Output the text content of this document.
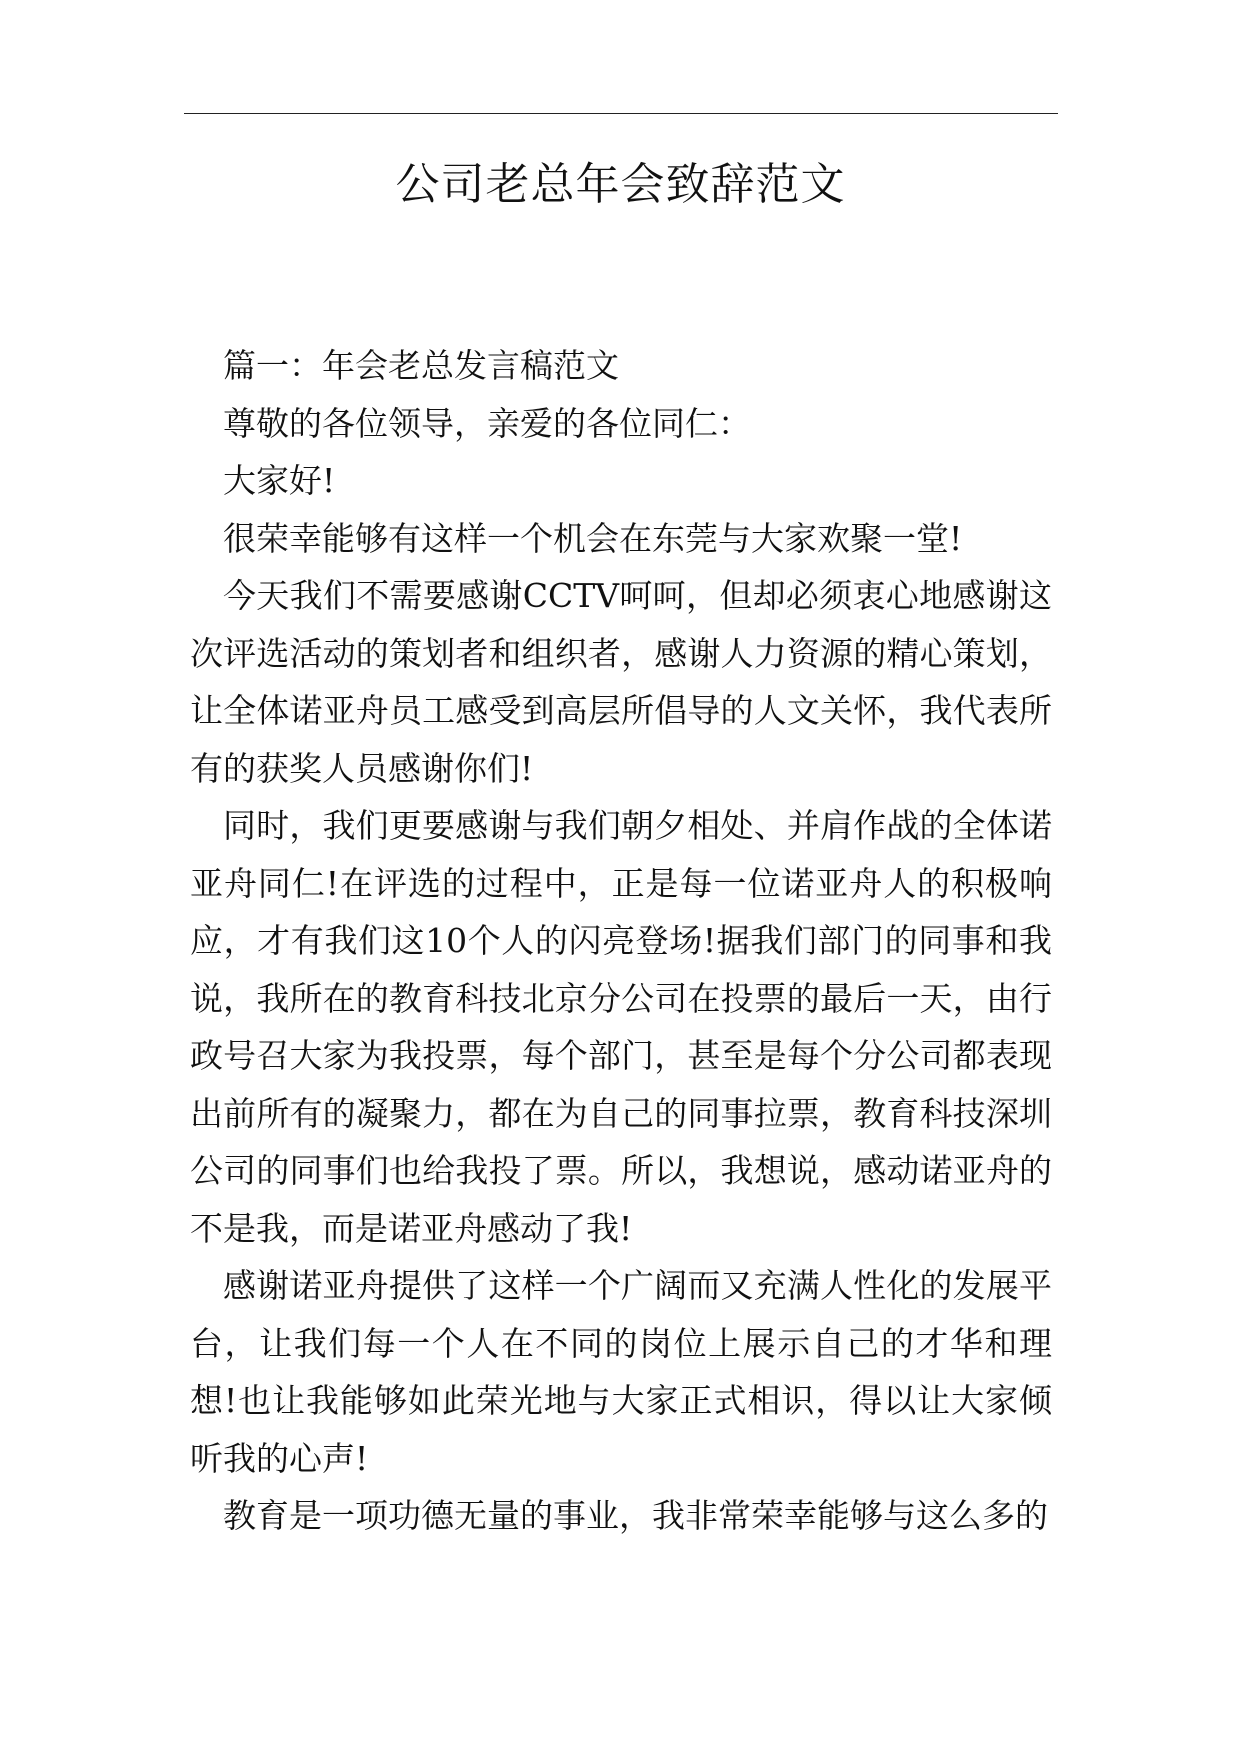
公司老总年会致辞范文

篇一：年会老总发言稿范文

尊敬的各位领导，亲爱的各位同仁：

大家好!

很荣幸能够有这样一个机会在东莞与大家欢聚一堂!

今天我们不需要感谢CCTV呵呵，但却必须衷心地感谢这次评选活动的策划者和组织者，感谢人力资源的精心策划，让全体诺亚舟员工感受到高层所倡导的人文关怀，我代表所有的获奖人员感谢你们!

同时，我们更要感谢与我们朝夕相处、并肩作战的全体诺亚舟同仁!在评选的过程中，正是每一位诺亚舟人的积极响应，才有我们这10个人的闪亮登场!据我们部门的同事和我说，我所在的教育科技北京分公司在投票的最后一天，由行政号召大家为我投票，每个部门，甚至是每个分公司都表现出前所有的凝聚力，都在为自己的同事拉票，教育科技深圳公司的同事们也给我投了票。所以，我想说，感动诺亚舟的不是我，而是诺亚舟感动了我!

感谢诺亚舟提供了这样一个广阔而又充满人性化的发展平台，让我们每一个人在不同的岗位上展示自己的才华和理想!也让我能够如此荣光地与大家正式相识，得以让大家倾听我的心声!

教育是一项功德无量的事业，我非常荣幸能够与这么多的
